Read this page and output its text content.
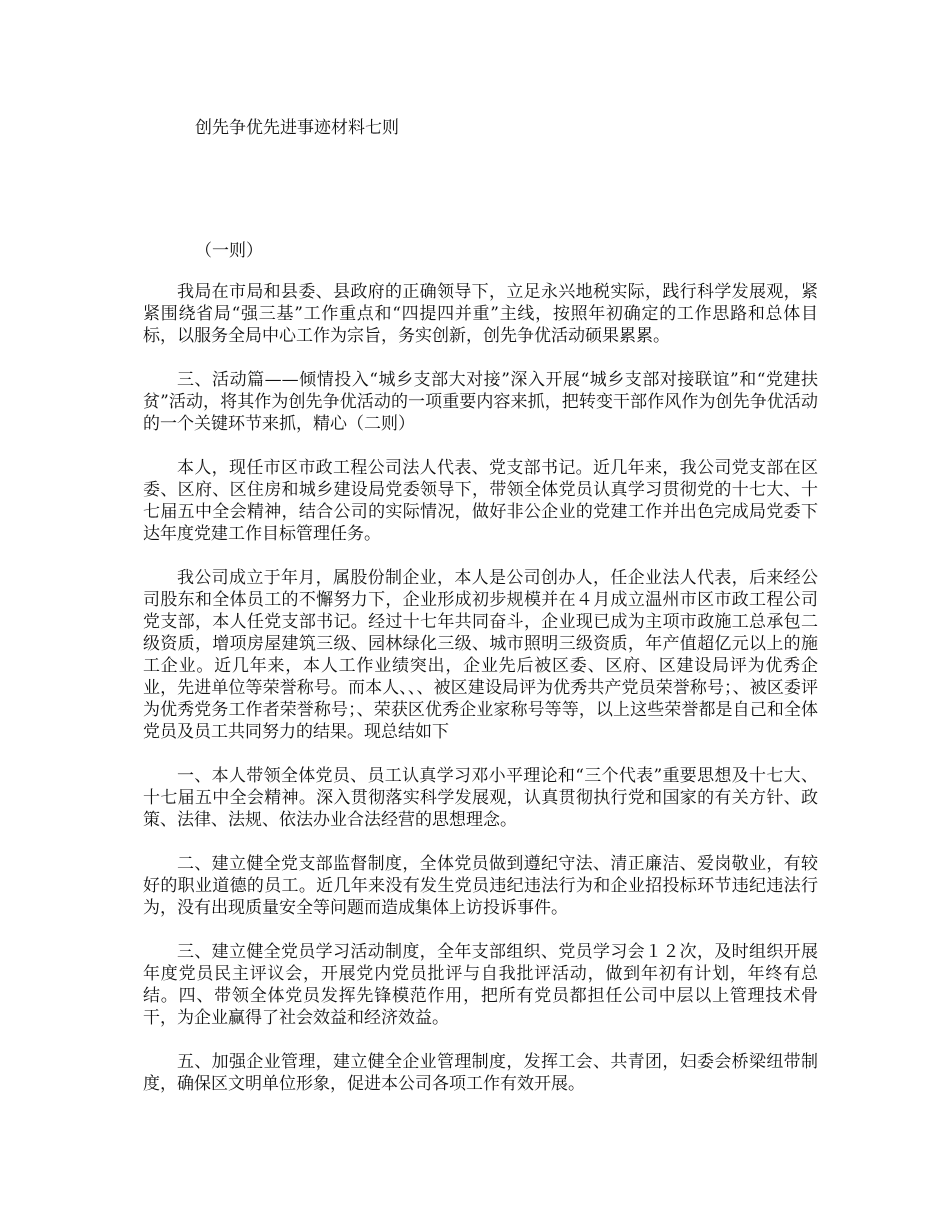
创先争优先进事迹材料七则
（一则）

我局在市局和县委、县政府的正确领导下，立足永兴地税实际，践行科学发展观，紧紧围绕省局“强三基”工作重点和“四提四并重”主线，按照年初确定的工作思路和总体目标，以服务全局中心工作为宗旨，务实创新，创先争优活动硕果累累。

三、活动篇——倾情投入“城乡支部大对接”深入开展“城乡支部对接联谊”和“党建扶贫”活动，将其作为创先争优活动的一项重要内容来抓，把转变干部作风作为创先争优活动的一个关键环节来抓，精心（二则）

本人，现任市区市政工程公司法人代表、党支部书记。近几年来，我公司党支部在区委、区府、区住房和城乡建设局党委领导下，带领全体党员认真学习贯彻党的十七大、十七届五中全会精神，结合公司的实际情况，做好非公企业的党建工作并出色完成局党委下达年度党建工作目标管理任务。

我公司成立于年月，属股份制企业，本人是公司创办人，任企业法人代表，后来经公司股东和全体员工的不懈努力下，企业形成初步规模并在４月成立温州市区市政工程公司党支部，本人任党支部书记。经过十七年共同奋斗，企业现已成为主项市政施工总承包二级资质，增项房屋建筑三级、园林绿化三级、城市照明三级资质，年产值超亿元以上的施工企业。近几年来，本人工作业绩突出，企业先后被区委、区府、区建设局评为优秀企业，先进单位等荣誉称号。而本人、、、被区建设局评为优秀共产党员荣誉称号；、被区委评为优秀党务工作者荣誉称号；、荣获区优秀企业家称号等等，以上这些荣誉都是自己和全体党员及员工共同努力的结果。现总结如下

一、本人带领全体党员、员工认真学习邓小平理论和“三个代表”重要思想及十七大、十七届五中全会精神。深入贯彻落实科学发展观，认真贯彻执行党和国家的有关方针、政策、法律、法规、依法办业合法经营的思想理念。

二、建立健全党支部监督制度，全体党员做到遵纪守法、清正廉洁、爱岗敬业，有较好的职业道德的员工。近几年来没有发生党员违纪违法行为和企业招投标环节违纪违法行为，没有出现质量安全等问题而造成集体上访投诉事件。

三、建立健全党员学习活动制度，全年支部组织、党员学习会１２次，及时组织开展年度党员民主评议会，开展党内党员批评与自我批评活动，做到年初有计划，年终有总结。四、带领全体党员发挥先锋模范作用，把所有党员都担任公司中层以上管理技术骨干，为企业赢得了社会效益和经济效益。

五、加强企业管理，建立健全企业管理制度，发挥工会、共青团，妇委会桥梁纽带制度，确保区文明单位形象，促进本公司各项工作有效开展。
